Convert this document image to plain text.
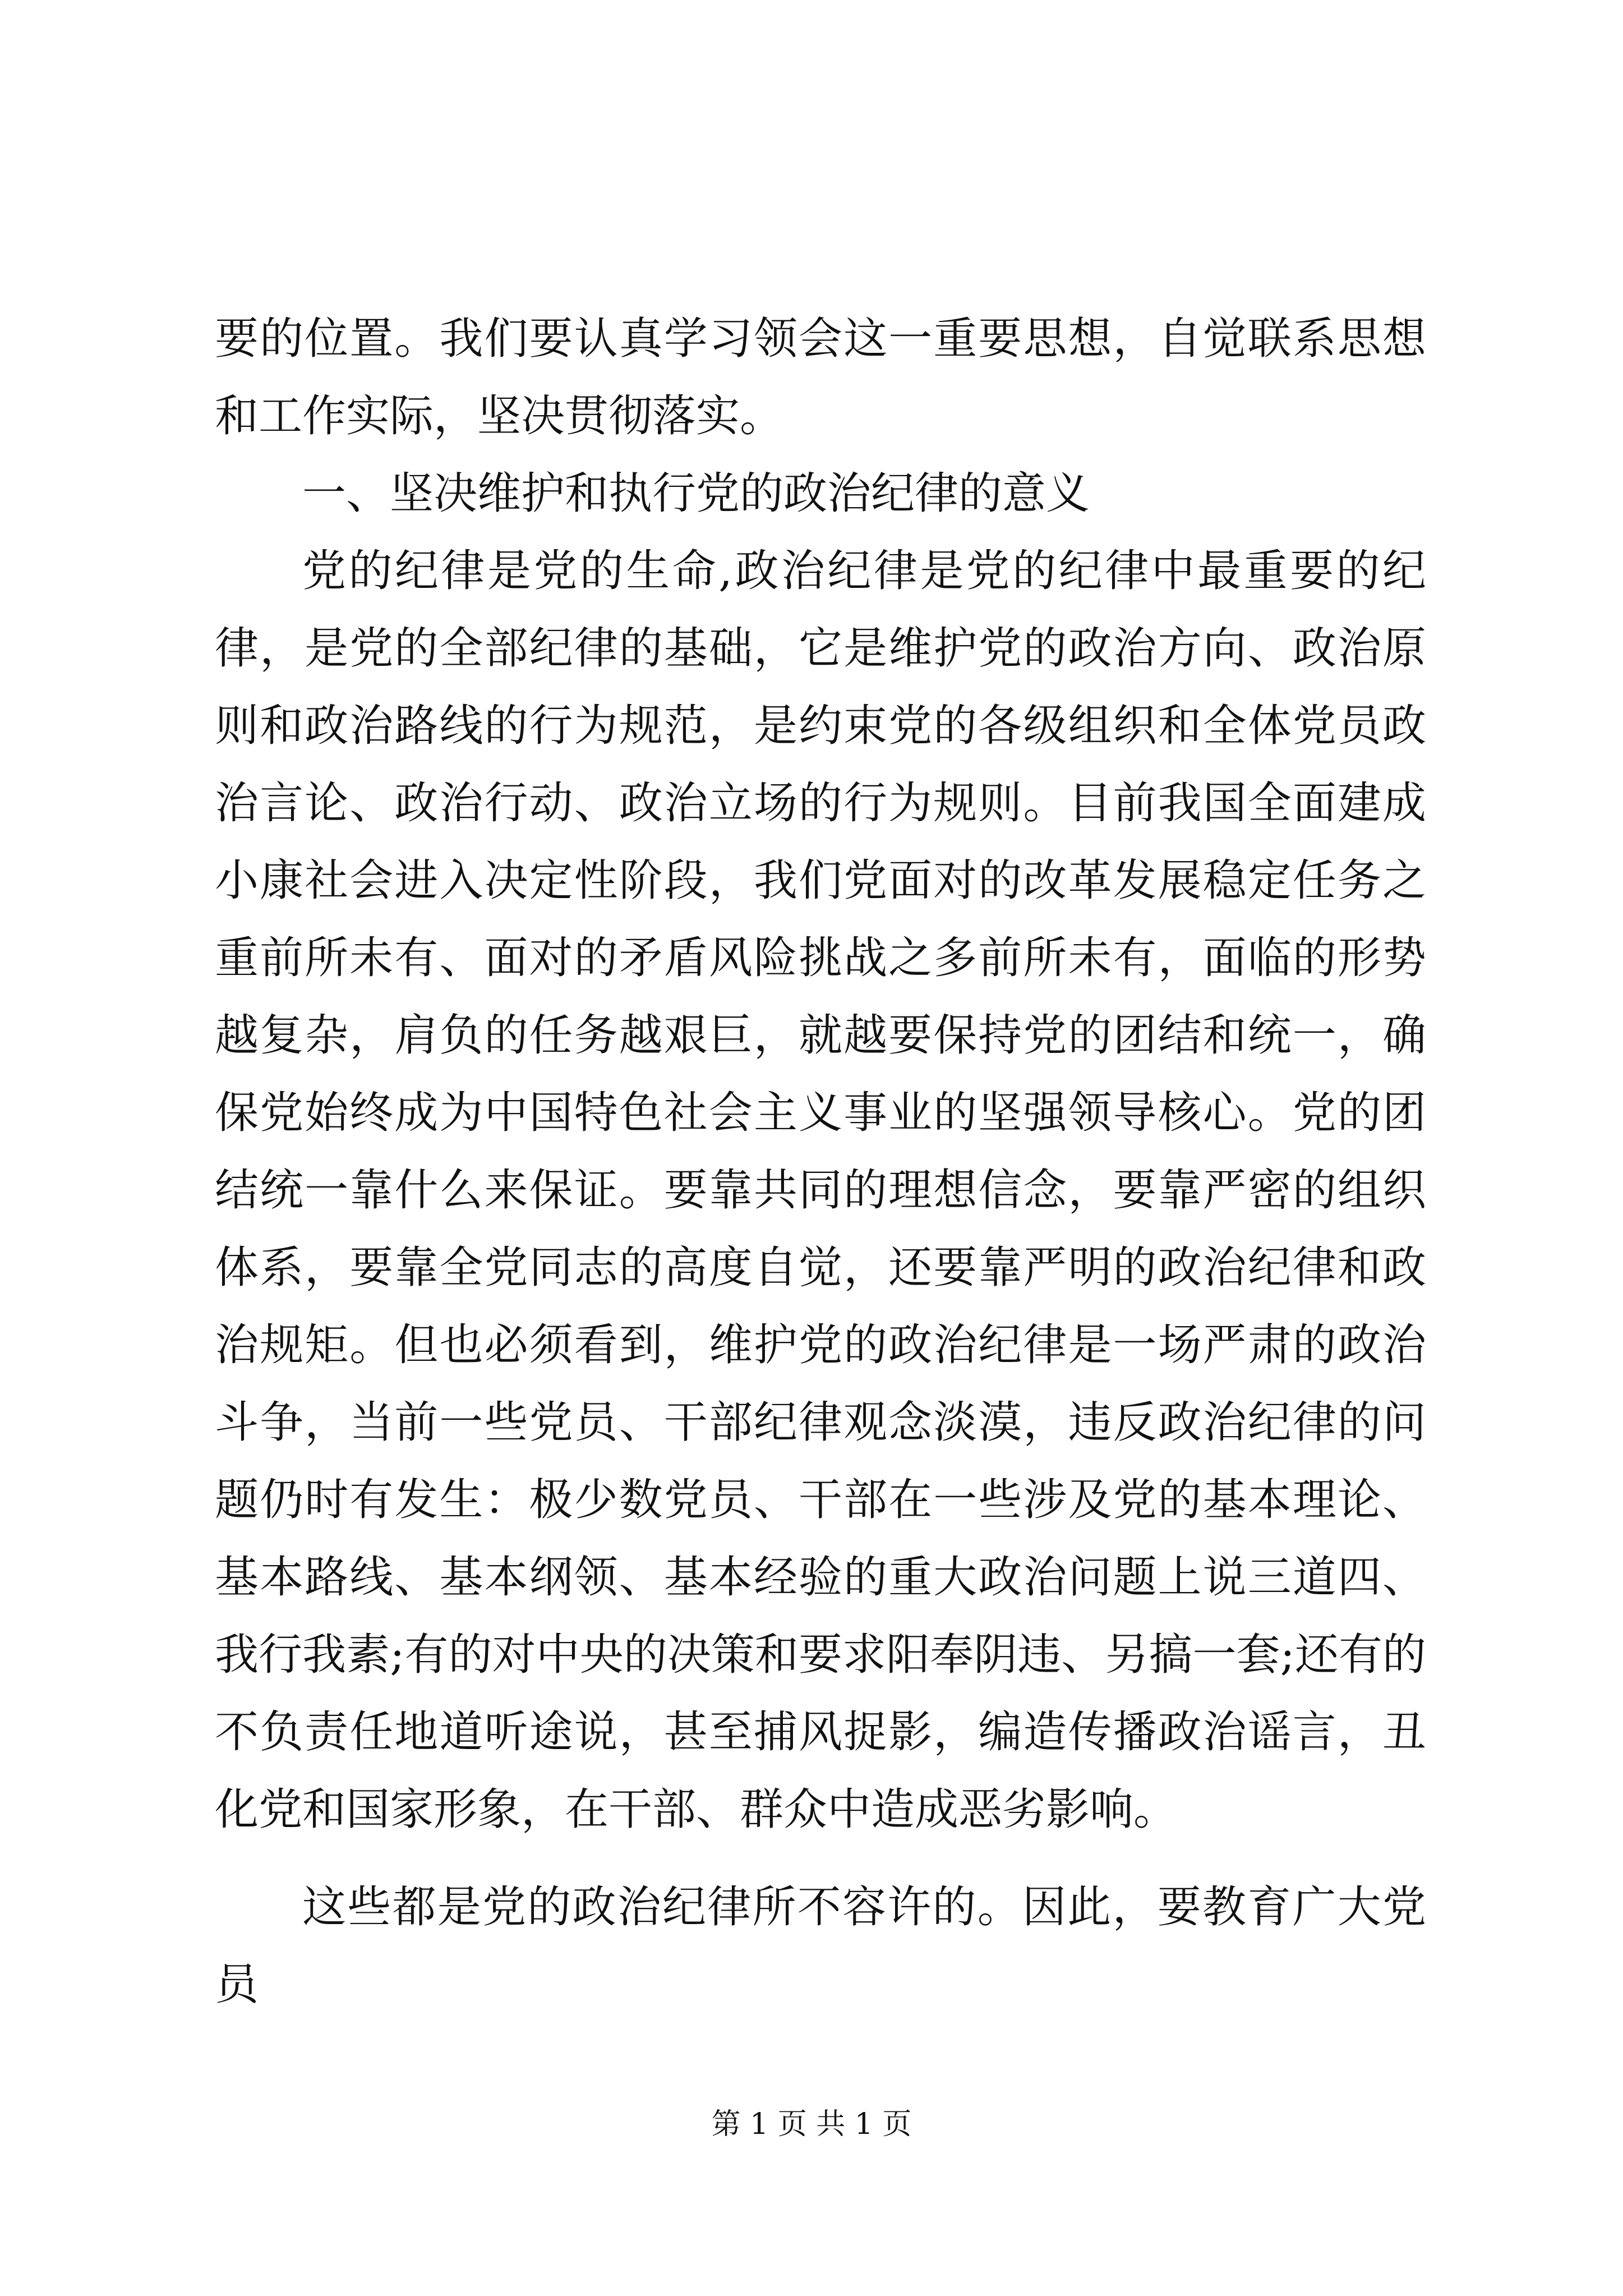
要的位置。我们要认真学习领会这一重要思想，自觉联系思想和工作实际，坚决贯彻落实。

一、坚决维护和执行党的政治纪律的意义

党的纪律是党的生命,政治纪律是党的纪律中最重要的纪律，是党的全部纪律的基础，它是维护党的政治方向、政治原则和政治路线的行为规范，是约束党的各级组织和全体党员政治言论、政治行动、政治立场的行为规则。目前我国全面建成小康社会进入决定性阶段，我们党面对的改革发展稳定任务之重前所未有、面对的矛盾风险挑战之多前所未有，面临的形势越复杂，肩负的任务越艰巨，就越要保持党的团结和统一，确保党始终成为中国特色社会主义事业的坚强领导核心。党的团结统一靠什么来保证。要靠共同的理想信念，要靠严密的组织体系，要靠全党同志的高度自觉，还要靠严明的政治纪律和政治规矩。但也必须看到，维护党的政治纪律是一场严肃的政治斗争，当前一些党员、干部纪律观念淡漠，违反政治纪律的问题仍时有发生：极少数党员、干部在一些涉及党的基本理论、基本路线、基本纲领、基本经验的重大政治问题上说三道四、我行我素;有的对中央的决策和要求阳奉阴违、另搞一套;还有的不负责任地道听途说，甚至捕风捉影，编造传播政治谣言，丑化党和国家形象，在干部、群众中造成恶劣影响。

这些都是党的政治纪律所不容许的。因此，要教育广大党员

第 1 页 共 1 页
